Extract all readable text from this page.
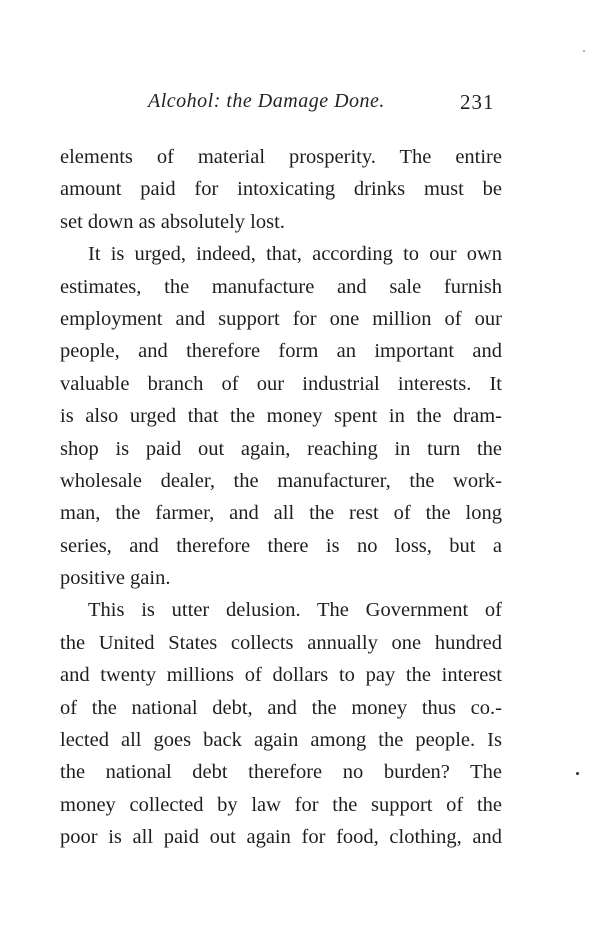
Alcohol: the Damage Done.	231
elements of material prosperity. The entire
amount paid for intoxicating drinks must be
set down as absolutely lost.
It is urged, indeed, that, according to our own
estimates, the manufacture and sale furnish
employment and support for one million of our
people, and therefore form an important and
valuable branch of our industrial interests. It
is also urged that the money spent in the dram-
shop is paid out again, reaching in turn the
wholesale dealer, the manufacturer, the work-
man, the farmer, and all the rest of the long
series, and therefore there is no loss, but a
positive gain.
This is utter delusion. The Government of
the United States collects annually one hundred
and twenty millions of dollars to pay the interest
of the national debt, and the money thus co.-
lected all goes back again among the people. Is
the national debt therefore no burden? The
money collected by law for the support of the
poor is all paid out again for food, clothing, and
